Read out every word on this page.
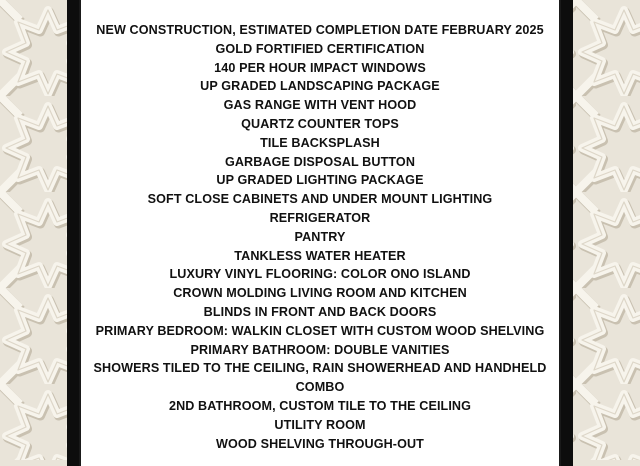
NEW CONSTRUCTION, ESTIMATED COMPLETION DATE FEBRUARY 2025
GOLD FORTIFIED CERTIFICATION
140 PER HOUR IMPACT WINDOWS
UP GRADED LANDSCAPING PACKAGE
GAS RANGE WITH VENT HOOD
QUARTZ COUNTER TOPS
TILE BACKSPLASH
GARBAGE DISPOSAL BUTTON
UP GRADED LIGHTING PACKAGE
SOFT CLOSE CABINETS AND UNDER MOUNT LIGHTING
REFRIGERATOR
PANTRY
TANKLESS WATER HEATER
LUXURY VINYL FLOORING: COLOR ONO ISLAND
CROWN MOLDING LIVING ROOM AND KITCHEN
BLINDS IN FRONT AND BACK DOORS
PRIMARY BEDROOM: WALKIN CLOSET WITH CUSTOM WOOD SHELVING
PRIMARY BATHROOM: DOUBLE VANITIES
SHOWERS TILED TO THE CEILING, RAIN SHOWERHEAD AND HANDHELD COMBO
2ND BATHROOM, CUSTOM TILE TO THE CEILING
UTILITY ROOM
WOOD SHELVING THROUGH-OUT
